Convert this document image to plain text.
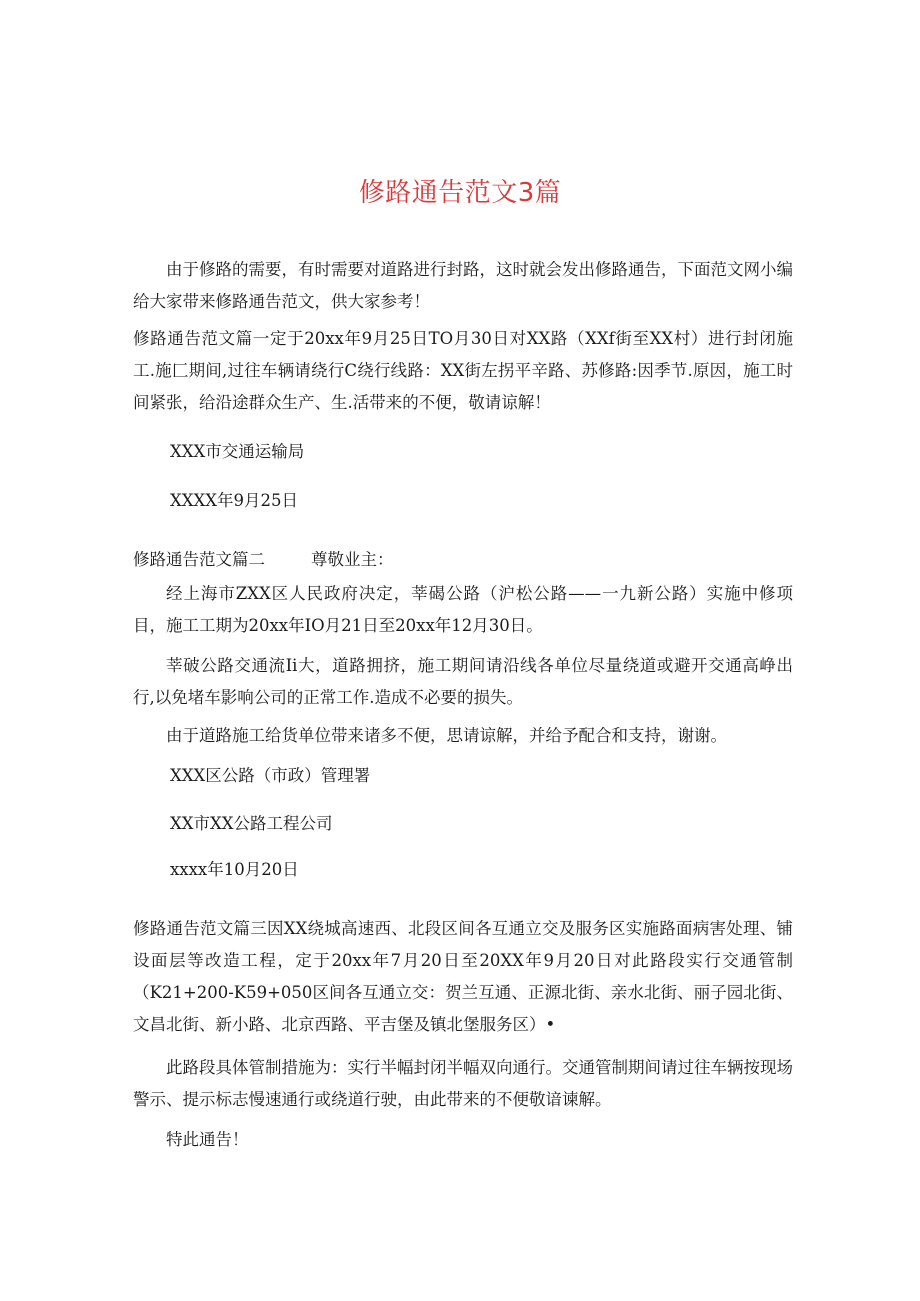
修路通告范文3篇

由于修路的需要，有时需要对道路进行封路，这时就会发出修路通告，下面范文网小编给大家带来修路通告范文，供大家参考！

修路通告范文篇一定于20xx年9月25日TO月30日对XX路（XXf街至XX村）进行封闭施工.施匚期间,过往车辆请绕行C绕行线路：XX街左拐平辛路、苏修路:因季节.原因，施工时间紧张，给沿途群众生产、生.活带来的不便，敬请谅解！

XXX市交通运输局

XXXX年9月25日

修路通告范文篇二	尊敬业主：

经上海市ZXX区人民政府决定，莘碣公路（沪松公路——一九新公路）实施中修项目，施工工期为20xx年IO月21日至20xx年12月30日。

莘破公路交通流Ii大，道路拥挤，施工期间请沿线各单位尽量绕道或避开交通高峥出行,以免堵车影响公司的正常工作.造成不必要的损失。

由于道路施工给货单位带来诸多不便，思请谅解，并给予配合和支持，谢谢。

XXX区公路（市政）管理署

XX市XX公路工程公司

xxxx年10月20日

修路通告范文篇三因XX绕城高速西、北段区间各互通立交及服务区实施路面病害处理、铺设面层等改造工程，定于20xx年7月20日至20XX年9月20日对此路段实行交通管制（K21+200-K59+050区间各互通立交：贺兰互通、正源北街、亲水北街、丽子园北街、文昌北街、新小路、北京西路、平吉堡及镇北堡服务区）•

此路段具体管制措施为：实行半幅封闭半幅双向通行。交通管制期间请过往车辆按现场警示、提示标志慢速通行或绕道行驶，由此带来的不便敬谙谏解。

特此通告！
